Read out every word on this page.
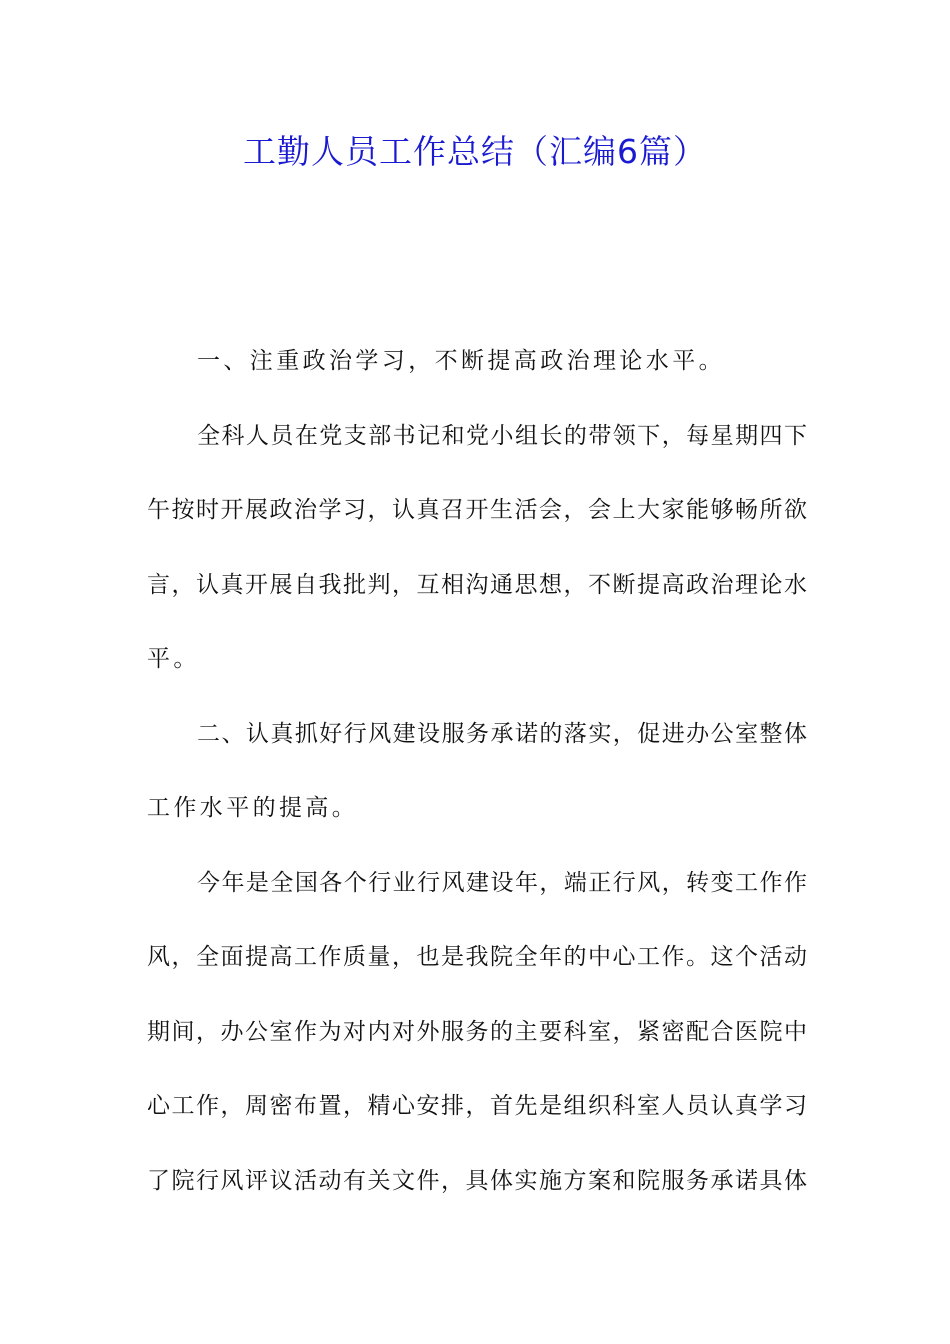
工勤人员工作总结（汇编6篇）
一、注重政治学习，不断提高政治理论水平。
全科人员在党支部书记和党小组长的带领下，每星期四下
午按时开展政治学习，认真召开生活会，会上大家能够畅所欲
言，认真开展自我批判，互相沟通思想，不断提高政治理论水
平。
二、认真抓好行风建设服务承诺的落实，促进办公室整体
工作水平的提高。
今年是全国各个行业行风建设年，端正行风，转变工作作
风，全面提高工作质量，也是我院全年的中心工作。这个活动
期间，办公室作为对内对外服务的主要科室，紧密配合医院中
心工作，周密布置，精心安排，首先是组织科室人员认真学习
了院行风评议活动有关文件，具体实施方案和院服务承诺具体
